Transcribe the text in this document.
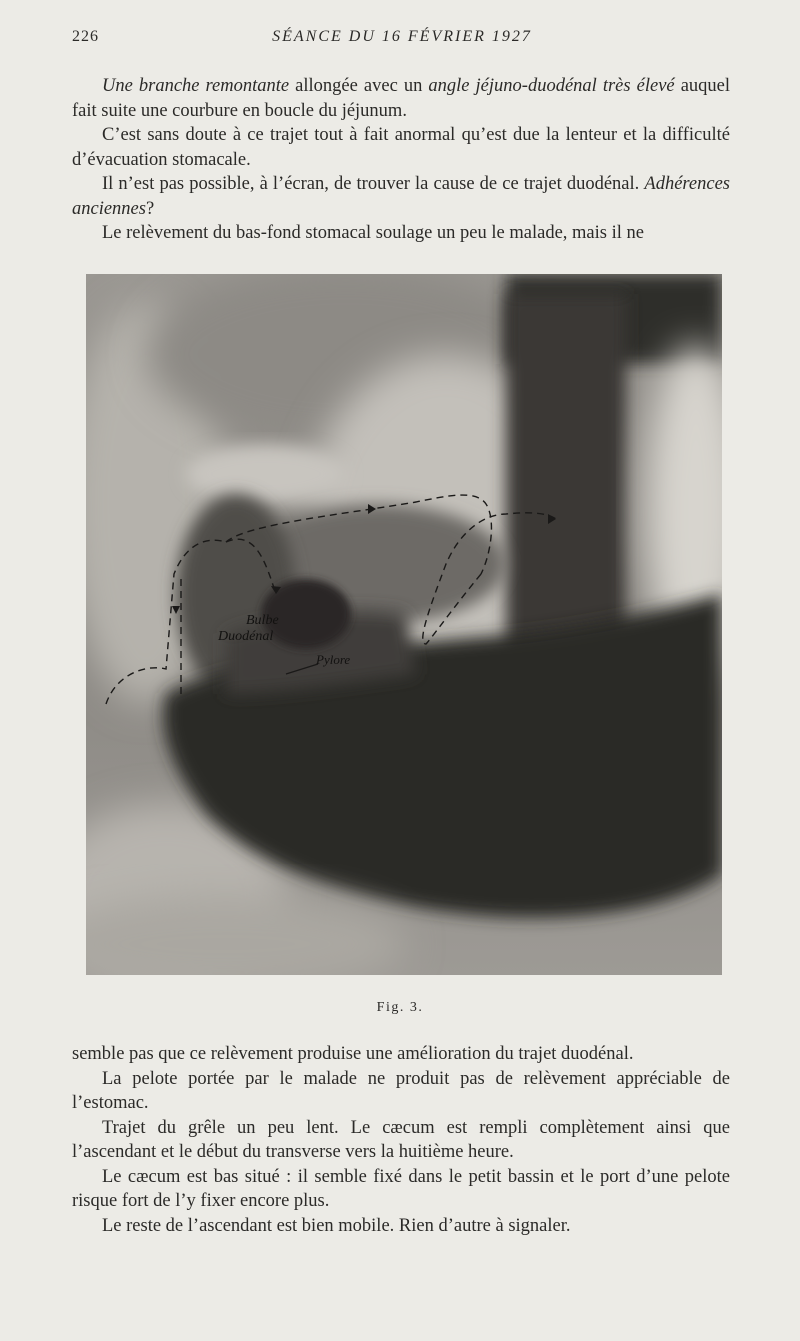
226	SÉANCE DU 16 FÉVRIER 1927

Une branche remontante allongée avec un angle jéjuno-duodénal très élevé auquel fait suite une courbure en boucle du jéjunum.

C’est sans doute à ce trajet tout à fait anormal qu’est due la lenteur et la difficulté d’évacuation stomacale.

Il n’est pas possible, à l’écran, de trouver la cause de ce trajet duodénal. Adhérences anciennes?

Le relèvement du bas-fond stomacal soulage un peu le malade, mais il ne

Bulbe
Duodénal
Pylore
Fig. 3.

semble pas que ce relèvement produise une amélioration du trajet duodénal.

La pelote portée par le malade ne produit pas de relèvement appréciable de l’estomac.

Trajet du grêle un peu lent. Le cæcum est rempli complètement ainsi que l’ascendant et le début du transverse vers la huitième heure.

Le cæcum est bas situé : il semble fixé dans le petit bassin et le port d’une pelote risque fort de l’y fixer encore plus.

Le reste de l’ascendant est bien mobile. Rien d’autre à signaler.
